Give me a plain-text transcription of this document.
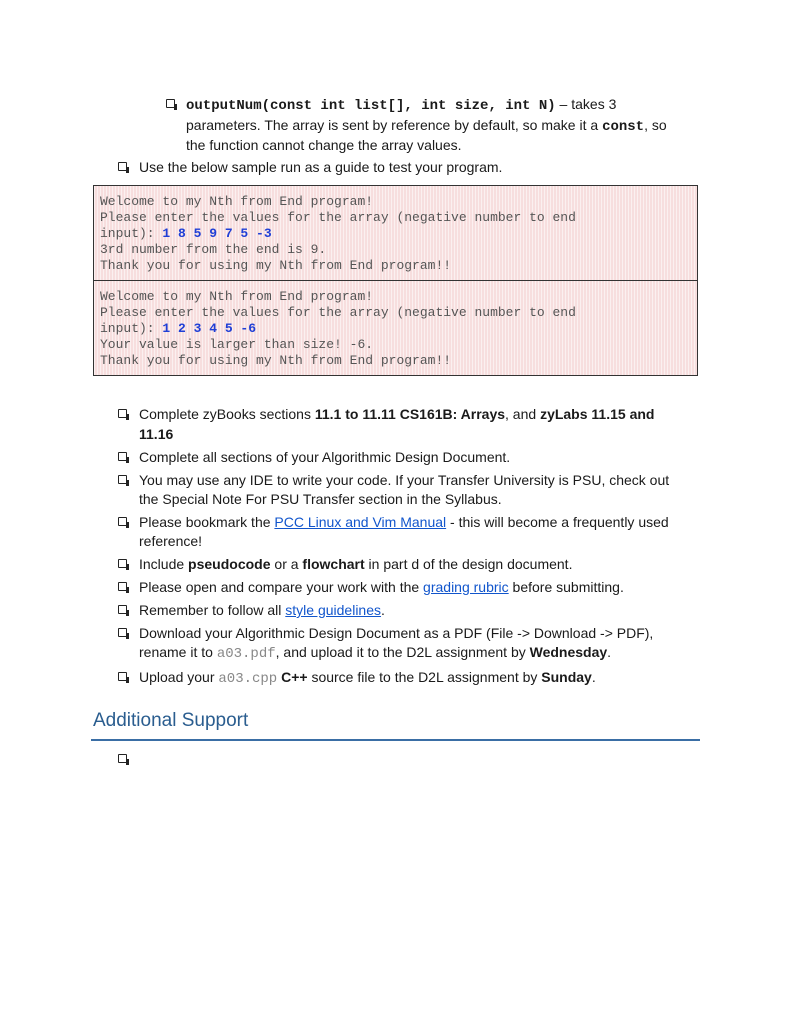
outputNum(const int list[], int size, int N) – takes 3
parameters. The array is sent by reference by default, so make it a const, so
the function cannot change the array values.
Use the below sample run as a guide to test your program.
Welcome to my Nth from End program!
Please enter the values for the array (negative number to end
input): 1 8 5 9 7 5 -3
3rd number from the end is 9.
Thank you for using my Nth from End program!!
Welcome to my Nth from End program!
Please enter the values for the array (negative number to end
input): 1 2 3 4 5 -6
Your value is larger than size! -6.
Thank you for using my Nth from End program!!
Complete zyBooks sections 11.1 to 11.11 CS161B: Arrays, and zyLabs 11.15 and
11.16
Complete all sections of your Algorithmic Design Document.
You may use any IDE to write your code. If your Transfer University is PSU, check out
the Special Note For PSU Transfer section in the Syllabus.
Please bookmark the PCC Linux and Vim Manual - this will become a frequently used
reference!
Include pseudocode or a flowchart in part d of the design document.
Please open and compare your work with the grading rubric before submitting.
Remember to follow all style guidelines.
Download your Algorithmic Design Document as a PDF (File -> Download -> PDF),
rename it to a03.pdf, and upload it to the D2L assignment by Wednesday.
Upload your a03.cpp C++ source file to the D2L assignment by Sunday.
Additional Support
